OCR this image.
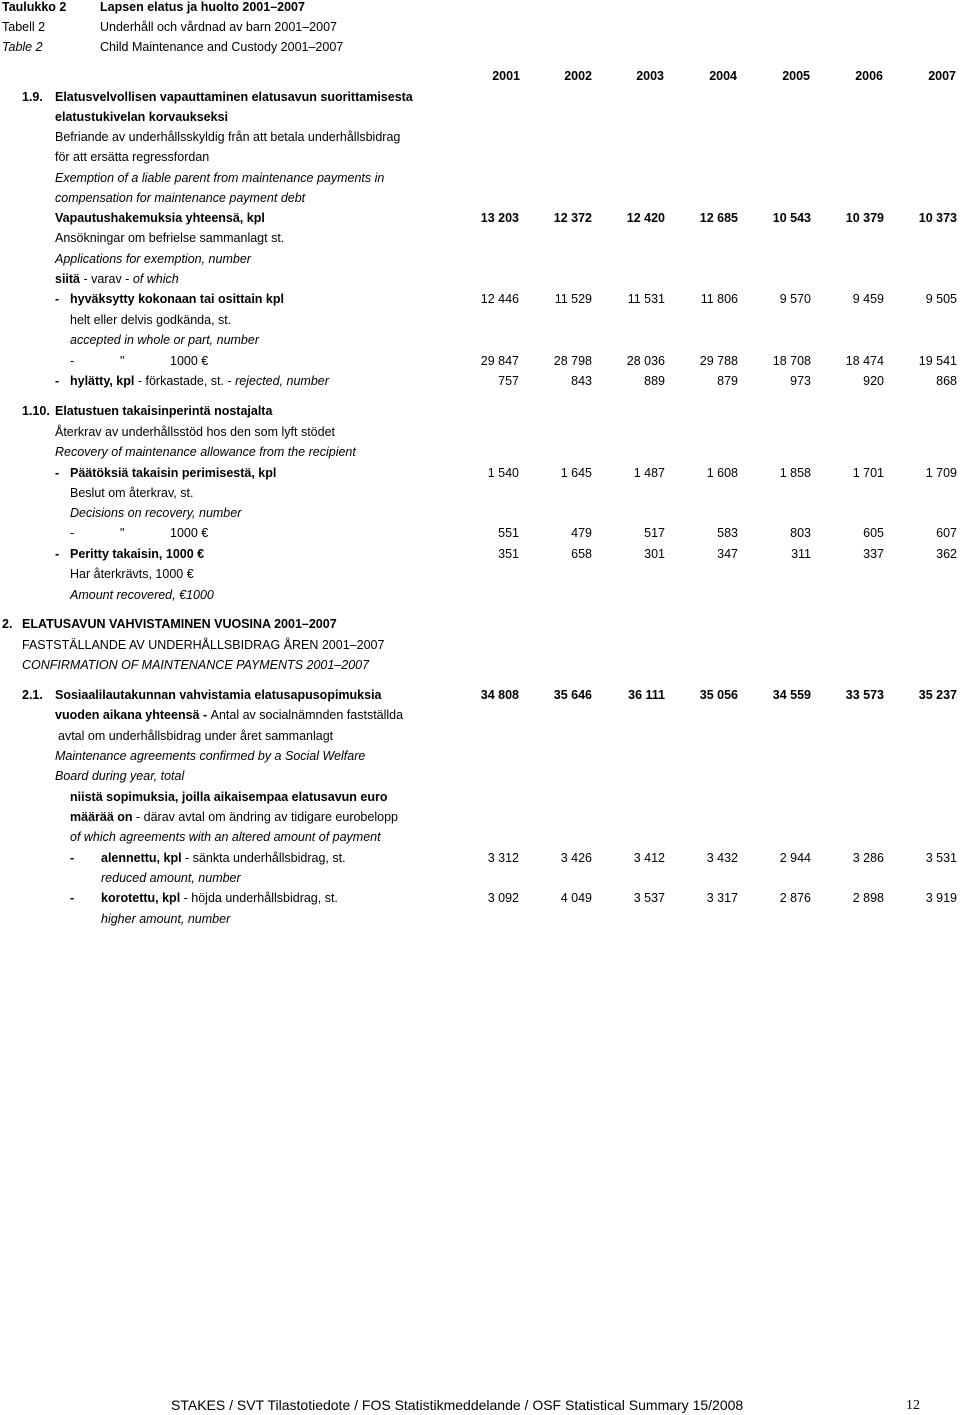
Taulukko 2	Lapsen elatus ja huolto 2001–2007
Tabell 2	Underhåll och vårdnad av barn 2001–2007
Table 2	Child Maintenance and Custody 2001–2007
2001	2002	2003	2004	2005	2006	2007
1.9. Elatusvelvollisen vapauttaminen elatusavun suorittamisesta
elatustukivelan korvaukseksi
Befriande av underhållsskyldig från att betala underhållsbidrag
för att ersätta regressfordan
Exemption of a liable parent from maintenance payments in
compensation for maintenance payment debt
Vapautushakemuksia yhteensä, kpl	13 203	12 372	12 420	12 685	10 543	10 379	10 373
Ansökningar om befrielse sammanlagt st.
Applications for exemption, number
siitä - varav - of which
- hyväksytty kokonaan tai osittain kpl	12 446	11 529	11 531	11 806	9 570	9 459	9 505
helt eller delvis godkända, st.
accepted in whole or part, number
-	"	1000 €	29 847	28 798	28 036	29 788	18 708	18 474	19 541
- hylätty, kpl - förkastade, st. - rejected, number	757	843	889	879	973	920	868
1.10. Elatustuen takaisinperintä nostajalta
Återkrav av underhållsstöd hos den som lyft stödet
Recovery of maintenance allowance from the recipient
- Päätöksiä takaisin perimisestä, kpl	1 540	1 645	1 487	1 608	1 858	1 701	1 709
Beslut om återkrav, st.
Decisions on recovery, number
-	"	1000 €	551	479	517	583	803	605	607
- Peritty takaisin, 1000 €	351	658	301	347	311	337	362
Har återkrävts, 1000 €
Amount recovered, €1000
2. ELATUSAVUN VAHVISTAMINEN VUOSINA 2001–2007
FASTSTÄLLANDE AV UNDERHÅLLSBIDRAG ÅREN 2001–2007
CONFIRMATION OF MAINTENANCE PAYMENTS 2001–2007
2.1. Sosiaalilautakunnan vahvistamia elatusapusopimuksia	34 808	35 646	36 111	35 056	34 559	33 573	35 237
vuoden aikana yhteensä - Antal av socialnämnden fastställda
avtal om underhållsbidrag under året sammanlagt
Maintenance agreements confirmed by a Social Welfare
Board during year, total
niistä sopimuksia, joilla aikaisempaa elatusavun euro
määrää on - därav avtal om ändring av tidigare eurobelopp
of which agreements with an altered amount of payment
- alennettu, kpl - sänkta underhållsbidrag, st.	3 312	3 426	3 412	3 432	2 944	3 286	3 531
reduced amount, number
- korotettu, kpl - höjda underhållsbidrag, st.	3 092	4 049	3 537	3 317	2 876	2 898	3 919
higher amount, number
STAKES / SVT Tilastotiedote / FOS Statistikmeddelande / OSF Statistical Summary 15/2008	12
